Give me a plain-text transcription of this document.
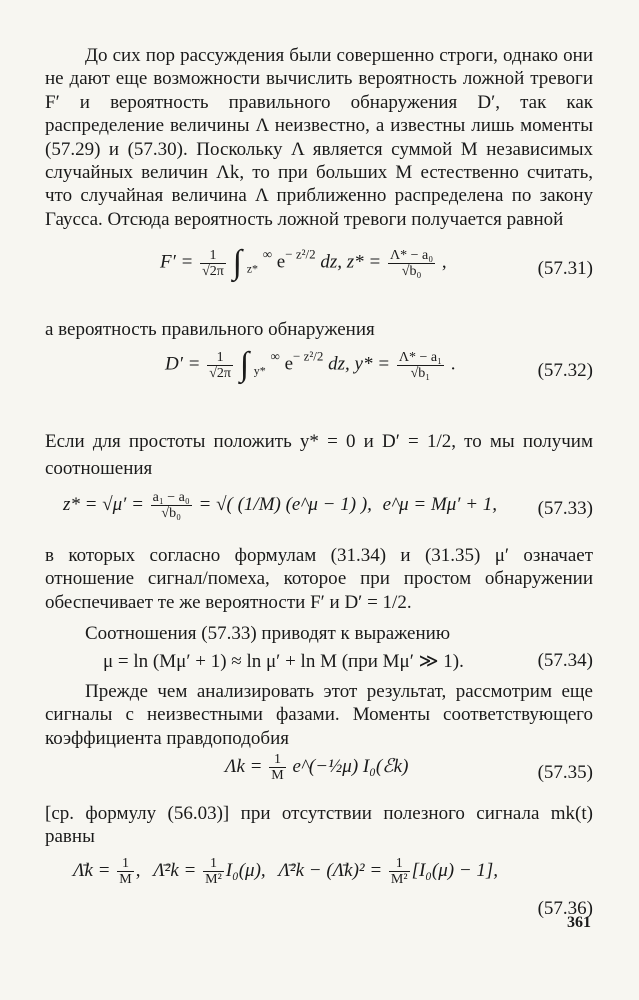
До сих пор рассуждения были совершенно строги, однако они не дают еще возможности вычислить вероятность ложной тревоги F′ и вероятность правильного обнаружения D′, так как распределение величины Λ неизвестно, а известны лишь моменты (57.29) и (57.30). Поскольку Λ является суммой M независимых случайных величин Λk, то при больших M естественно считать, что случайная величина Λ приближенно распределена по закону Гаусса. Отсюда вероятность ложной тревоги получается равной

$F' = \frac{1}{√2\pi}$ ∫ $_{z*}$ ∞ $e^{- z^2/2}$ dz, $z* = \frac{\text{Λ* − a₀}}{\text{√b₀}}$ ,	(57.31)

а вероятность правильного обнаружения

$D' = \frac{1}{√2\pi}$ ∫ $_{y*}$ ∞ $e^{- z^2/2}$ dz, $y* = \frac{\text{Λ* − a₁}}{\text{√b₁}}$ .	(57.32)

Если для простоты положить y* = 0 и D′ = 1/2, то мы получим соотношения

$z* = √\mu' = \frac{\text{a₁ − a₀}}{\text{√b₀}}$ = √( (1/M) (e^μ − 1) ), e^μ = Mμ′ + 1, (57.33)

в которых согласно формулам (31.34) и (31.35) μ′ означает отношение сигнал/помеха, которое при простом обнаружении обеспечивает те же вероятности F′ и D′ = 1/2.

Соотношения (57.33) приводят к выражению

μ = ln (Mμ′ + 1) ≈ ln μ′ + ln M (при Mμ′ ≫ 1).	(57.34)

Прежде чем анализировать этот результат, рассмотрим еще сигналы с неизвестными фазами. Моменты соответствующего коэффициента правдоподобия

$\Lambda k = \frac{1}{M}$ e^(−½μ) I₀(ℰk)	(57.35)

[ср. формулу (56.03)] при отсутствии полезного сигнала mk(t) равны

Λ̄k = $\frac{1}{M}$ , Λ̄²k = $\frac{1}{\text{M²}} I_0(\mu)$, Λ̄²k − (Λ̄k)² = $\frac{1}{\text{M²}} [I_0(\mu) - 1]$,
(57.36)
361
